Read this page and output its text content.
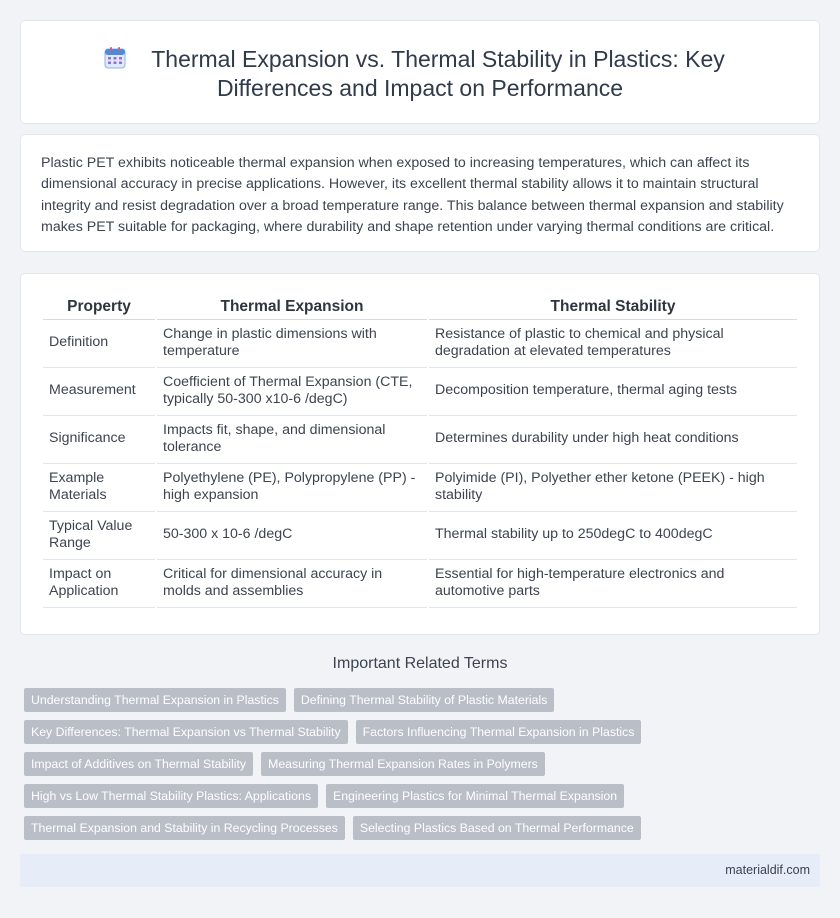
Thermal Expansion vs. Thermal Stability in Plastics: Key
Differences and Impact on Performance

Plastic PET exhibits noticeable thermal expansion when exposed to increasing temperatures, which can affect its dimensional accuracy in precise applications. However, its excellent thermal stability allows it to maintain structural integrity and resist degradation over a broad temperature range. This balance between thermal expansion and stability makes PET suitable for packaging, where durability and shape retention under varying thermal conditions are critical.

Property	Thermal Expansion	Thermal Stability
Definition	Change in plastic dimensions with temperature	Resistance of plastic to chemical and physical degradation at elevated temperatures
Measurement	Coefficient of Thermal Expansion (CTE, typically 50-300 x10-6 /degC)	Decomposition temperature, thermal aging tests
Significance	Impacts fit, shape, and dimensional tolerance	Determines durability under high heat conditions
Example Materials	Polyethylene (PE), Polypropylene (PP) - high expansion	Polyimide (PI), Polyether ether ketone (PEEK) - high stability
Typical Value Range	50-300 x 10-6 /degC	Thermal stability up to 250degC to 400degC
Impact on Application	Critical for dimensional accuracy in molds and assemblies	Essential for high-temperature electronics and automotive parts
Important Related Terms
Understanding Thermal Expansion in Plastics	Defining Thermal Stability of Plastic Materials
Key Differences: Thermal Expansion vs Thermal Stability	Factors Influencing Thermal Expansion in Plastics
Impact of Additives on Thermal Stability	Measuring Thermal Expansion Rates in Polymers
High vs Low Thermal Stability Plastics: Applications	Engineering Plastics for Minimal Thermal Expansion
Thermal Expansion and Stability in Recycling Processes	Selecting Plastics Based on Thermal Performance
materialdif.com
